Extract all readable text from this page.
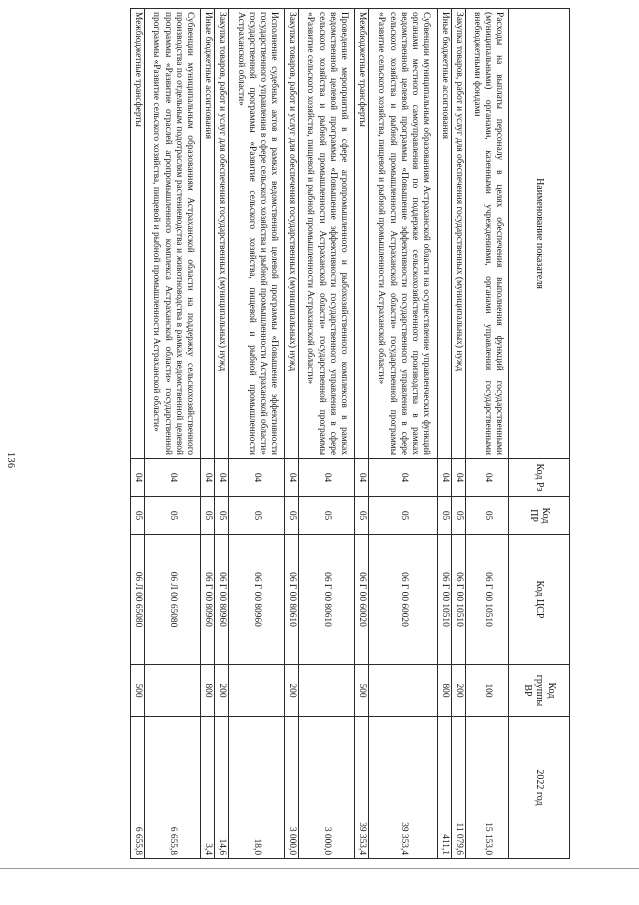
136
Наименование показателя	Код Рз	Код ПР	Код ЦСР	Код группы ВР	2022 год
Расходы на выплаты персоналу в целях обеспечения выполнения функций государственными (муниципальными) органами, казенными учреждениями, органами управления государственными внебюджетными фондами	04	05	06 Г 00 10510	100	15 153,0
Закупка товаров, работ и услуг для обеспечения государственных (муниципальных) нужд	04	05	06 Г 00 10510	200	11 079,6
Иные бюджетные ассигнования	04	05	06 Г 00 10510	800	411,1
Субвенции муниципальным образованиям Астраханской области на осуществление управленческих функций органами местного самоуправления по поддержке сельскохозяйственного производства в рамках ведомственной целевой программы «Повышение эффективности государственного управления в сфере сельского хозяйства и рыбной промышленности Астраханской области» государственной программы «Развитие сельского хозяйства, пищевой и рыбной промышленности Астраханской области»	04	05	06 Г 00 60020		39 353,4
Межбюджетные трансферты	04	05	06 Г 00 60020	500	39 353,4
Проведение мероприятий в сфере агропромышленного и рыбохозяйственного комплексов в рамках ведомственной целевой программы «Повышение эффективности государственного управления в сфере сельского хозяйства и рыбной промышленности Астраханской области» государственной программы «Развитие сельского хозяйства, пищевой и рыбной промышленности Астраханской области»	04	05	06 Г 00 80610		3 000,0
Закупка товаров, работ и услуг для обеспечения государственных (муниципальных) нужд	04	05	06 Г 00 80610	200	3 000,0
Исполнение судебных актов в рамках ведомственной целевой программы «Повышение эффективности государственного управления в сфере сельского хозяйства и рыбной промышленности Астраханской области» государственной программы «Развитие сельского хозяйства, пищевой и рыбной промышленности Астраханской области»	04	05	06 Г 00 80960		18,0
Закупка товаров, работ и услуг для обеспечения государственных (муниципальных) нужд	04	05	06 Г 00 80960	200	14,6
Иные бюджетные ассигнования	04	05	06 Г 00 80960	800	3,4
Субвенции муниципальным образованиям Астраханской области на поддержку сельскохозяйственного производства по отдельным подотраслям растениеводства и животноводства в рамках ведомственной целевой программы «Развитие отраслей агропромышленного комплекса Астраханской области» государственной программы «Развитие сельского хозяйства, пищевой и рыбной промышленности Астраханской области»	04	05	06 Л 00 65080		6 655,8
Межбюджетные трансферты	04	05	06 Л 00 65080	500	6 655,8
